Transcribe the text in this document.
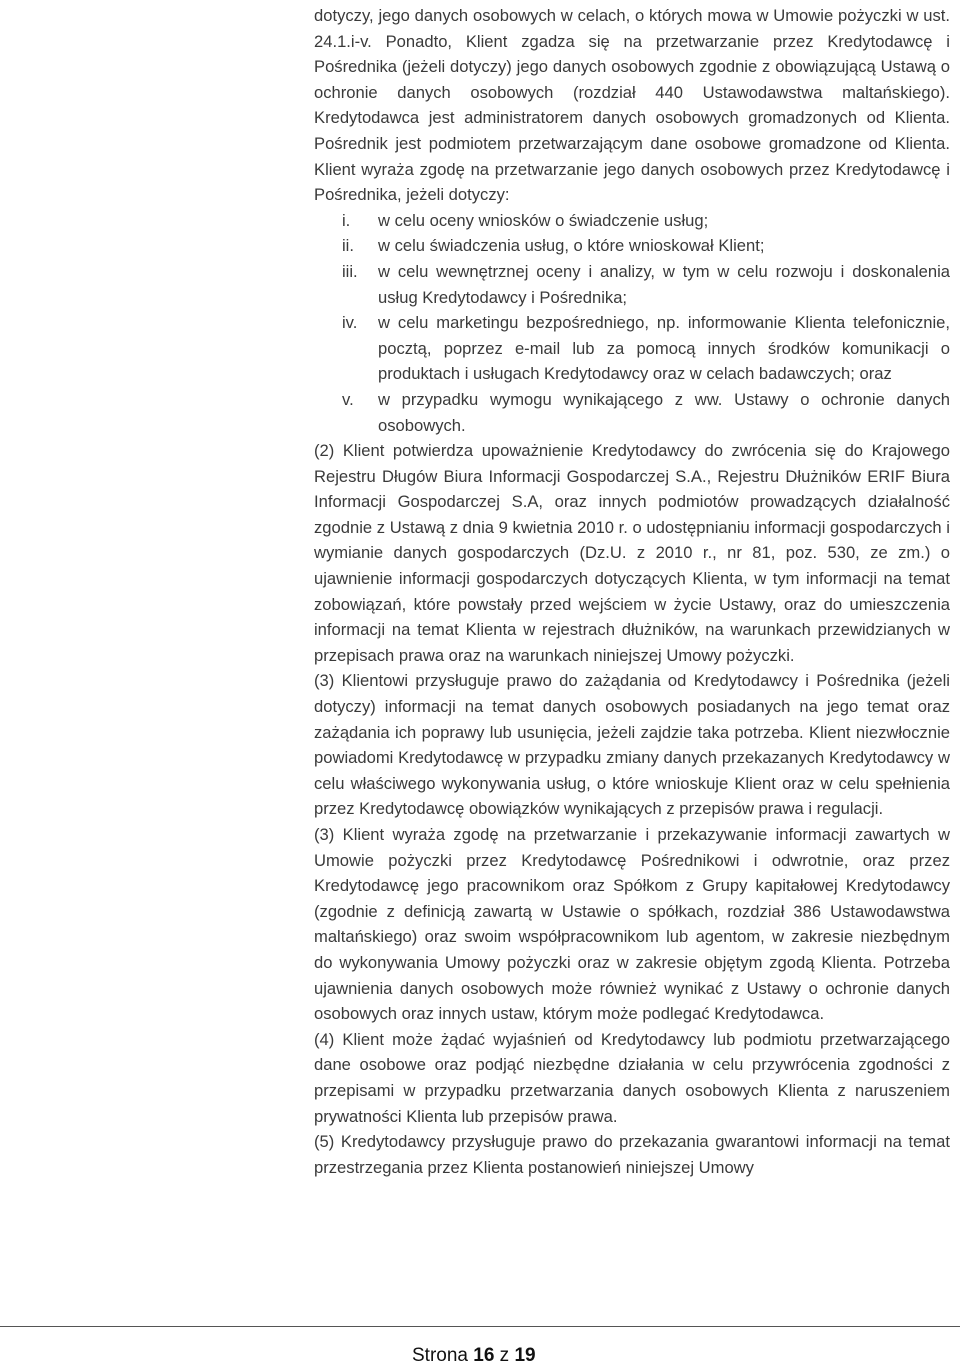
dotyczy, jego danych osobowych w celach, o których mowa w Umowie pożyczki w ust. 24.1.i-v. Ponadto, Klient zgadza się na przetwarzanie przez Kredytodawcę i Pośrednika (jeżeli dotyczy) jego danych osobowych zgodnie z obowiązującą Ustawą o ochronie danych osobowych (rozdział 440 Ustawodawstwa maltańskiego). Kredytodawca jest administratorem danych osobowych gromadzonych od Klienta. Pośrednik jest podmiotem przetwarzającym dane osobowe gromadzone od Klienta. Klient wyraża zgodę na przetwarzanie jego danych osobowych przez Kredytodawcę i Pośrednika, jeżeli dotyczy:

i.	w celu oceny wniosków o świadczenie usług;
ii.	w celu świadczenia usług, o które wnioskował Klient;
iii.	w celu wewnętrznej oceny i analizy, w tym w celu rozwoju i doskonalenia usług Kredytodawcy i Pośrednika;
iv.	w celu marketingu bezpośredniego, np. informowanie Klienta telefonicznie, pocztą, poprzez e-mail lub za pomocą innych środków komunikacji o produktach i usługach Kredytodawcy oraz w celach badawczych; oraz
v.	w przypadku wymogu wynikającego z ww. Ustawy o ochronie danych osobowych.

(2) Klient potwierdza upoważnienie Kredytodawcy do zwrócenia się do Krajowego Rejestru Długów Biura Informacji Gospodarczej S.A., Rejestru Dłużników ERIF Biura Informacji Gospodarczej S.A, oraz innych podmiotów prowadzących działalność zgodnie z Ustawą z dnia 9 kwietnia 2010 r. o udostępnianiu informacji gospodarczych i wymianie danych gospodarczych (Dz.U. z 2010 r., nr 81, poz. 530, ze zm.) o ujawnienie informacji gospodarczych dotyczących Klienta, w tym informacji na temat zobowiązań, które powstały przed wejściem w życie Ustawy, oraz do umieszczenia informacji na temat Klienta w rejestrach dłużników, na warunkach przewidzianych w przepisach prawa oraz na warunkach niniejszej Umowy pożyczki.

(3) Klientowi przysługuje prawo do zażądania od Kredytodawcy i Pośrednika (jeżeli dotyczy) informacji na temat danych osobowych posiadanych na jego temat oraz zażądania ich poprawy lub usunięcia, jeżeli zajdzie taka potrzeba. Klient niezwłocznie powiadomi Kredytodawcę w przypadku zmiany danych przekazanych Kredytodawcy w celu właściwego wykonywania usług, o które wnioskuje Klient oraz w celu spełnienia przez Kredytodawcę obowiązków wynikających z przepisów prawa i regulacji.

(3) Klient wyraża zgodę na przetwarzanie i przekazywanie informacji zawartych w Umowie pożyczki przez Kredytodawcę Pośrednikowi i odwrotnie, oraz przez Kredytodawcę jego pracownikom oraz Spółkom z Grupy kapitałowej Kredytodawcy (zgodnie z definicją zawartą w Ustawie o spółkach, rozdział 386 Ustawodawstwa maltańskiego) oraz swoim współpracownikom lub agentom, w zakresie niezbędnym do wykonywania Umowy pożyczki oraz w zakresie objętym zgodą Klienta. Potrzeba ujawnienia danych osobowych może również wynikać z Ustawy o ochronie danych osobowych oraz innych ustaw, którym może podlegać Kredytodawca.

(4) Klient może żądać wyjaśnień od Kredytodawcy lub podmiotu przetwarzającego dane osobowe oraz podjąć niezbędne działania w celu przywrócenia zgodności z przepisami w przypadku przetwarzania danych osobowych Klienta z naruszeniem prywatności Klienta lub przepisów prawa.

(5) Kredytodawcy przysługuje prawo do przekazania gwarantowi informacji na temat przestrzegania przez Klienta postanowień niniejszej Umowy

Strona 16 z 19
